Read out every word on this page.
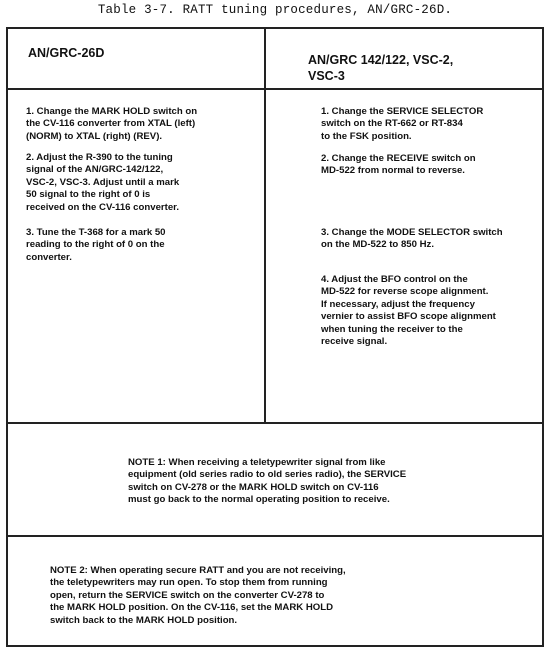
Table 3-7. RATT tuning procedures, AN/GRC-26D.
AN/GRC-26D	AN/GRC 142/122, VSC-2,
VSC-3
1. Change the MARK HOLD switch on
the CV-116 converter from XTAL (left)
(NORM) to XTAL (right) (REV).
2. Adjust the R-390 to the tuning
signal of the AN/GRC-142/122,
VSC-2, VSC-3. Adjust until a mark
50 signal to the right of 0 is
received on the CV-116 converter.
3. Tune the T-368 for a mark 50
reading to the right of 0 on the
converter.
1. Change the SERVICE SELECTOR
switch on the RT-662 or RT-834
to the FSK position.
2. Change the RECEIVE switch on
MD-522 from normal to reverse.
3. Change the MODE SELECTOR switch
on the MD-522 to 850 Hz.
4. Adjust the BFO control on the
MD-522 for reverse scope alignment.
If necessary, adjust the frequency
vernier to assist BFO scope alignment
when tuning the receiver to the
receive signal.
NOTE 1: When receiving a teletypewriter signal from like
equipment (old series radio to old series radio), the SERVICE
switch on CV-278 or the MARK HOLD switch on CV-116
must go back to the normal operating position to receive.
NOTE 2: When operating secure RATT and you are not receiving,
the teletypewriters may run open. To stop them from running
open, return the SERVICE switch on the converter CV-278 to
the MARK HOLD position. On the CV-116, set the MARK HOLD
switch back to the MARK HOLD position.
